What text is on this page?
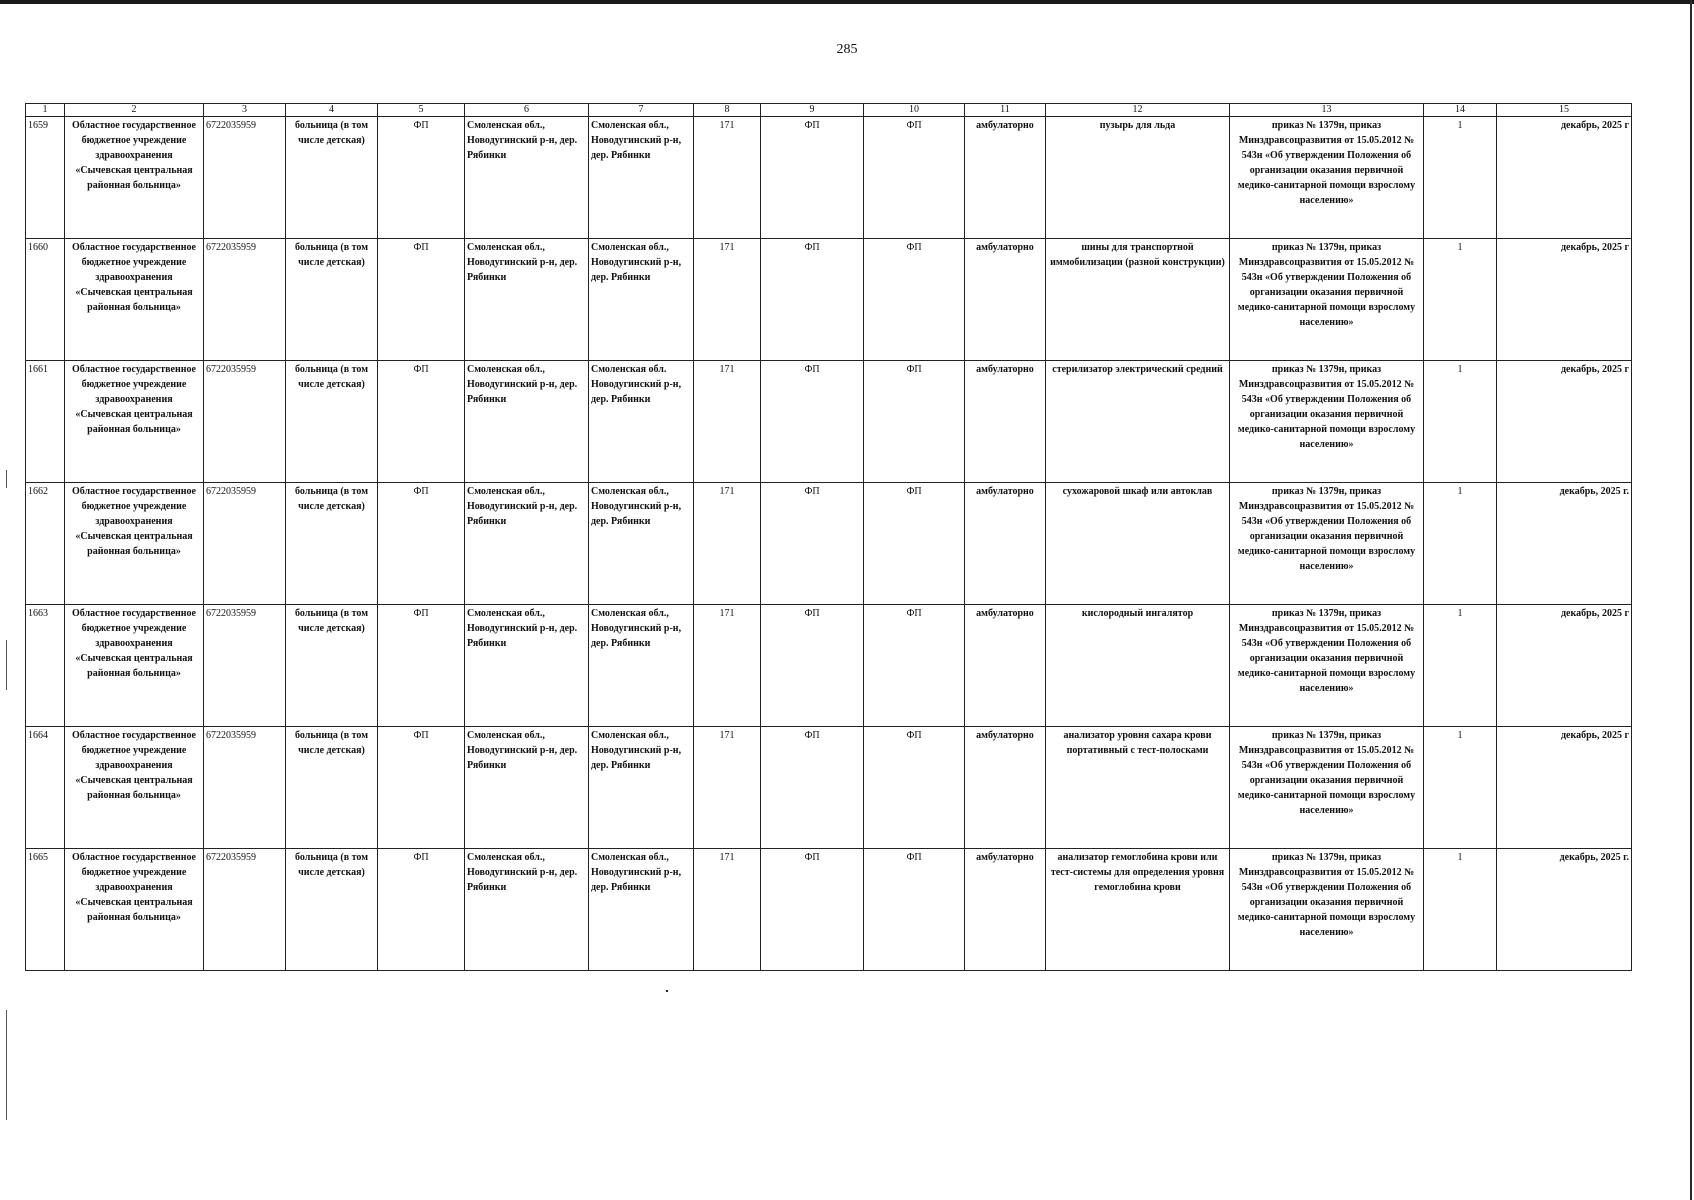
285
1	2	3	4	5	6	7	8	9	10	11	12	13	14	15
1659	Областное государственное бюджетное учреждение здравоохранения «Сычевская центральная районная больница»	6722035959	больница (в том числе детская)	ФП	Смоленская обл., Новодугинский р-н, дер. Рябинки	Смоленская обл., Новодугинский р-н, дер. Рябинки	171	ФП	ФП	амбулаторно	пузырь для льда	приказ № 1379н, приказ Минздравсоцразвития от 15.05.2012 № 543н «Об утверждении Положения об организации оказания первичной медико-санитарной помощи взрослому населению»	1	декабрь, 2025 г
1660	Областное государственное бюджетное учреждение здравоохранения «Сычевская центральная районная больница»	6722035959	больница (в том числе детская)	ФП	Смоленская обл., Новодугинский р-н, дер. Рябинки	Смоленская обл., Новодугинский р-н, дер. Рябинки	171	ФП	ФП	амбулаторно	шины для транспортной иммобилизации (разной конструкции)	приказ № 1379н, приказ Минздравсоцразвития от 15.05.2012 № 543н «Об утверждении Положения об организации оказания первичной медико-санитарной помощи взрослому населению»	1	декабрь, 2025 г
1661	Областное государственное бюджетное учреждение здравоохранения «Сычевская центральная районная больница»	6722035959	больница (в том числе детская)	ФП	Смоленская обл., Новодугинский р-н, дер. Рябинки	Смоленская обл. Новодугинский р-н, дер. Рябинки	171	ФП	ФП	амбулаторно	стерилизатор электрический средний	приказ № 1379н, приказ Минздравсоцразвития от 15.05.2012 № 543н «Об утверждении Положения об организации оказания первичной медико-санитарной помощи взрослому населению»	1	декабрь, 2025 г
1662	Областное государственное бюджетное учреждение здравоохранения «Сычевская центральная районная больница»	6722035959	больница (в том числе детская)	ФП	Смоленская обл., Новодугинский р-н, дер. Рябинки	Смоленская обл., Новодугинский р-н, дер. Рябинки	171	ФП	ФП	амбулаторно	сухожаровой шкаф или автоклав	приказ № 1379н, приказ Минздравсоцразвития от 15.05.2012 № 543н «Об утверждении Положения об организации оказания первичной медико-санитарной помощи взрослому населению»	1	декабрь, 2025 г.
1663	Областное государственное бюджетное учреждение здравоохранения «Сычевская центральная районная больница»	6722035959	больница (в том числе детская)	ФП	Смоленская обл., Новодугинский р-н, дер. Рябинки	Смоленская обл., Новодугинский р-н, дер. Рябинки	171	ФП	ФП	амбулаторно	кислородный ингалятор	приказ № 1379н, приказ Минздравсоцразвития от 15.05.2012 № 543н «Об утверждении Положения об организации оказания первичной медико-санитарной помощи взрослому населению»	1	декабрь, 2025 г
1664	Областное государственное бюджетное учреждение здравоохранения «Сычевская центральная районная больница»	6722035959	больница (в том числе детская)	ФП	Смоленская обл., Новодугинский р-н, дер. Рябинки	Смоленская обл., Новодугинский р-н, дер. Рябинки	171	ФП	ФП	амбулаторно	анализатор уровня сахара крови портативный с тест-полосками	приказ № 1379н, приказ Минздравсоцразвития от 15.05.2012 № 543н «Об утверждении Положения об организации оказания первичной медико-санитарной помощи взрослому населению»	1	декабрь, 2025 г
1665	Областное государственное бюджетное учреждение здравоохранения «Сычевская центральная районная больница»	6722035959	больница (в том числе детская)	ФП	Смоленская обл., Новодугинский р-н, дер. Рябинки	Смоленская обл., Новодугинский р-н, дер. Рябинки	171	ФП	ФП	амбулаторно	анализатор гемоглобина крови или тест-системы для определения уровня гемоглобина крови	приказ № 1379н, приказ Минздравсоцразвития от 15.05.2012 № 543н «Об утверждении Положения об организации оказания первичной медико-санитарной помощи взрослому населению»	1	декабрь, 2025 г.
